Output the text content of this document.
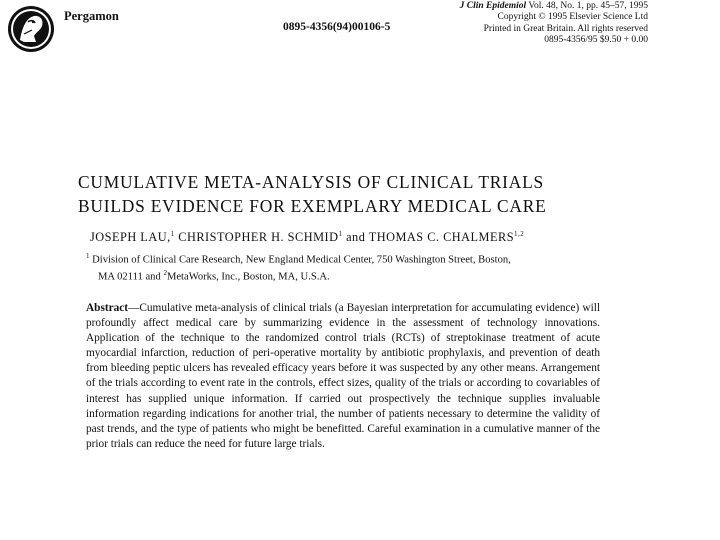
Pergamon
0895-4356(94)00106-5
J Clin Epidemiol Vol. 48, No. 1, pp. 45–57, 1995
Copyright © 1995 Elsevier Science Ltd
Printed in Great Britain. All rights reserved
0895-4356/95 $9.50 + 0.00
CUMULATIVE META-ANALYSIS OF CLINICAL TRIALS
BUILDS EVIDENCE FOR EXEMPLARY MEDICAL CARE
JOSEPH LAU,$^1$ CHRISTOPHER H. SCHMID$^1$ and THOMAS C. CHALMERS$^{1,2}$
$^1$ Division of Clinical Care Research, New England Medical Center, 750 Washington Street, Boston,
MA 02111 and $^2$MetaWorks, Inc., Boston, MA, U.S.A.

Abstract—Cumulative meta-analysis of clinical trials (a Bayesian interpretation for accumulating evidence) will profoundly affect medical care by summarizing evidence in the assessment of technology innovations. Application of the technique to the randomized control trials (RCTs) of streptokinase treatment of acute myocardial infarction, reduction of peri-operative mortality by antibiotic prophylaxis, and prevention of death from bleeding peptic ulcers has revealed efficacy years before it was suspected by any other means. Arrangement of the trials according to event rate in the controls, effect sizes, quality of the trials or according to covariables of interest has supplied unique information. If carried out prospectively the technique supplies invaluable information regarding indications for another trial, the number of patients necessary to determine the validity of past trends, and the type of patients who might be benefitted. Careful examination in a cumulative manner of the prior trials can reduce the need for future large trials.
